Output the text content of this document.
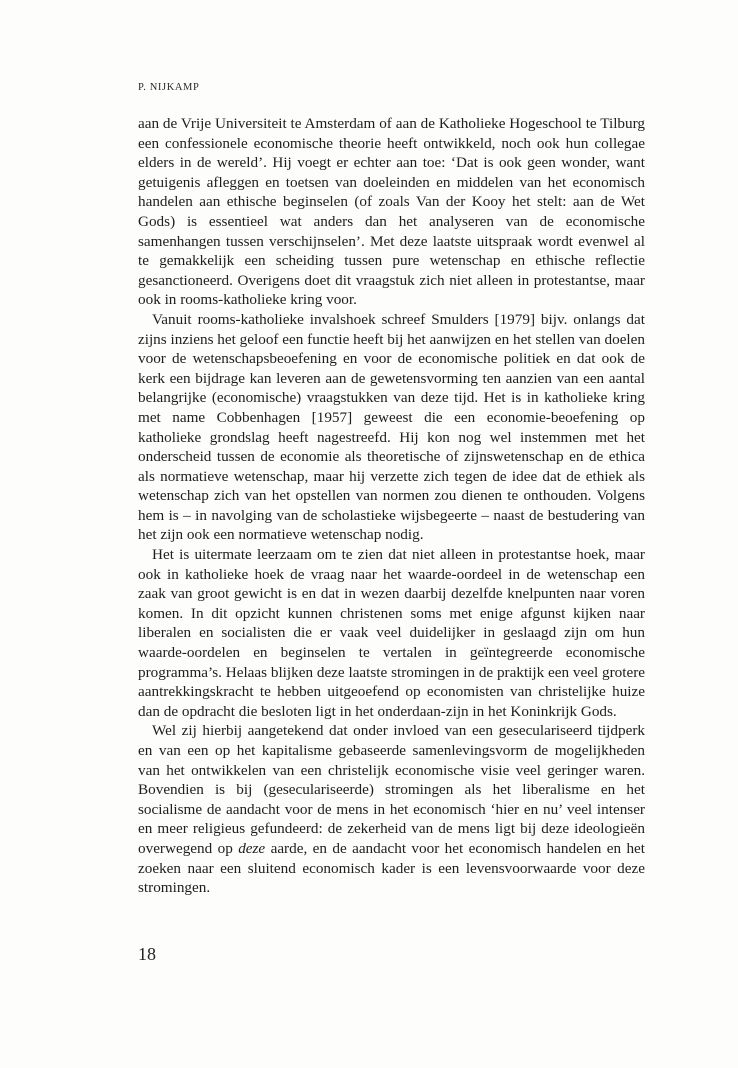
P. NIJKAMP

aan de Vrije Universiteit te Amsterdam of aan de Katholieke Hogeschool te Tilburg een confessionele economische theorie heeft ontwikkeld, noch ook hun collegae elders in de wereld’. Hij voegt er echter aan toe: ‘Dat is ook geen wonder, want getuigenis afleggen en toetsen van doeleinden en middelen van het economisch handelen aan ethische beginselen (of zoals Van der Kooy het stelt: aan de Wet Gods) is essentieel wat anders dan het analyseren van de economische samenhangen tussen verschijnselen’. Met deze laatste uitspraak wordt evenwel al te gemakkelijk een scheiding tussen pure wetenschap en ethische reflectie gesanctioneerd. Overigens doet dit vraagstuk zich niet alleen in protestantse, maar ook in rooms-katholieke kring voor.

Vanuit rooms-katholieke invalshoek schreef Smulders [1979] bijv. onlangs dat zijns inziens het geloof een functie heeft bij het aanwijzen en het stellen van doelen voor de wetenschapsbeoefening en voor de economische politiek en dat ook de kerk een bijdrage kan leveren aan de gewetensvorming ten aanzien van een aantal belangrijke (economische) vraagstukken van deze tijd. Het is in katholieke kring met name Cobbenhagen [1957] geweest die een economie-beoefening op katholieke grondslag heeft nagestreefd. Hij kon nog wel instemmen met het onderscheid tussen de economie als theoretische of zijnswetenschap en de ethica als normatieve wetenschap, maar hij verzette zich tegen de idee dat de ethiek als wetenschap zich van het opstellen van normen zou dienen te onthouden. Volgens hem is – in navolging van de scholastieke wijsbegeerte – naast de bestudering van het zijn ook een normatieve wetenschap nodig.

Het is uitermate leerzaam om te zien dat niet alleen in protestantse hoek, maar ook in katholieke hoek de vraag naar het waarde-oordeel in de wetenschap een zaak van groot gewicht is en dat in wezen daarbij dezelfde knelpunten naar voren komen. In dit opzicht kunnen christenen soms met enige afgunst kijken naar liberalen en socialisten die er vaak veel duidelijker in geslaagd zijn om hun waarde-oordelen en beginselen te vertalen in geïntegreerde economische programma’s. Helaas blijken deze laatste stromingen in de praktijk een veel grotere aantrekkingskracht te hebben uitgeoefend op economisten van christelijke huize dan de opdracht die besloten ligt in het onderdaan-zijn in het Koninkrijk Gods.

Wel zij hierbij aangetekend dat onder invloed van een geseculariseerd tijdperk en van een op het kapitalisme gebaseerde samenlevingsvorm de mogelijkheden van het ontwikkelen van een christelijk economische visie veel geringer waren. Bovendien is bij (geseculariseerde) stromingen als het liberalisme en het socialisme de aandacht voor de mens in het economisch ‘hier en nu’ veel intenser en meer religieus gefundeerd: de zekerheid van de mens ligt bij deze ideologieën overwegend op deze aarde, en de aandacht voor het economisch handelen en het zoeken naar een sluitend economisch kader is een levensvoorwaarde voor deze stromingen.

18
